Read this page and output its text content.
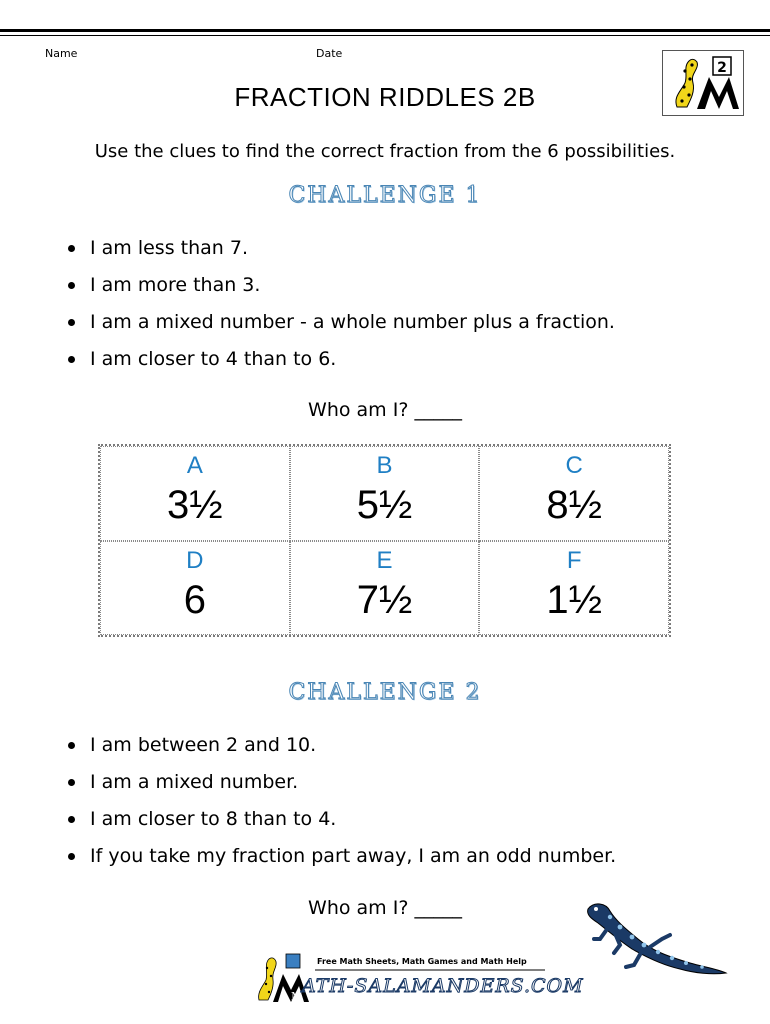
Name	Date
2
FRACTION RIDDLES 2B
Use the clues to find the correct fraction from the 6 possibilities.
CHALLENGE 1
I am less than 7.
I am more than 3.
I am a mixed number - a whole number plus a fraction.
I am closer to 4 than to 6.
Who am I? _____
A
3½
B
5½
C
8½
D
6
E
7½
F
1½
CHALLENGE 2
I am between 2 and 10.
I am a mixed number.
I am closer to 8 than to 4.
If you take my fraction part away, I am an odd number.
Who am I? _____
M
Free Math Sheets, Math Games and Math Help
ATH-SALAMANDERS.COM
